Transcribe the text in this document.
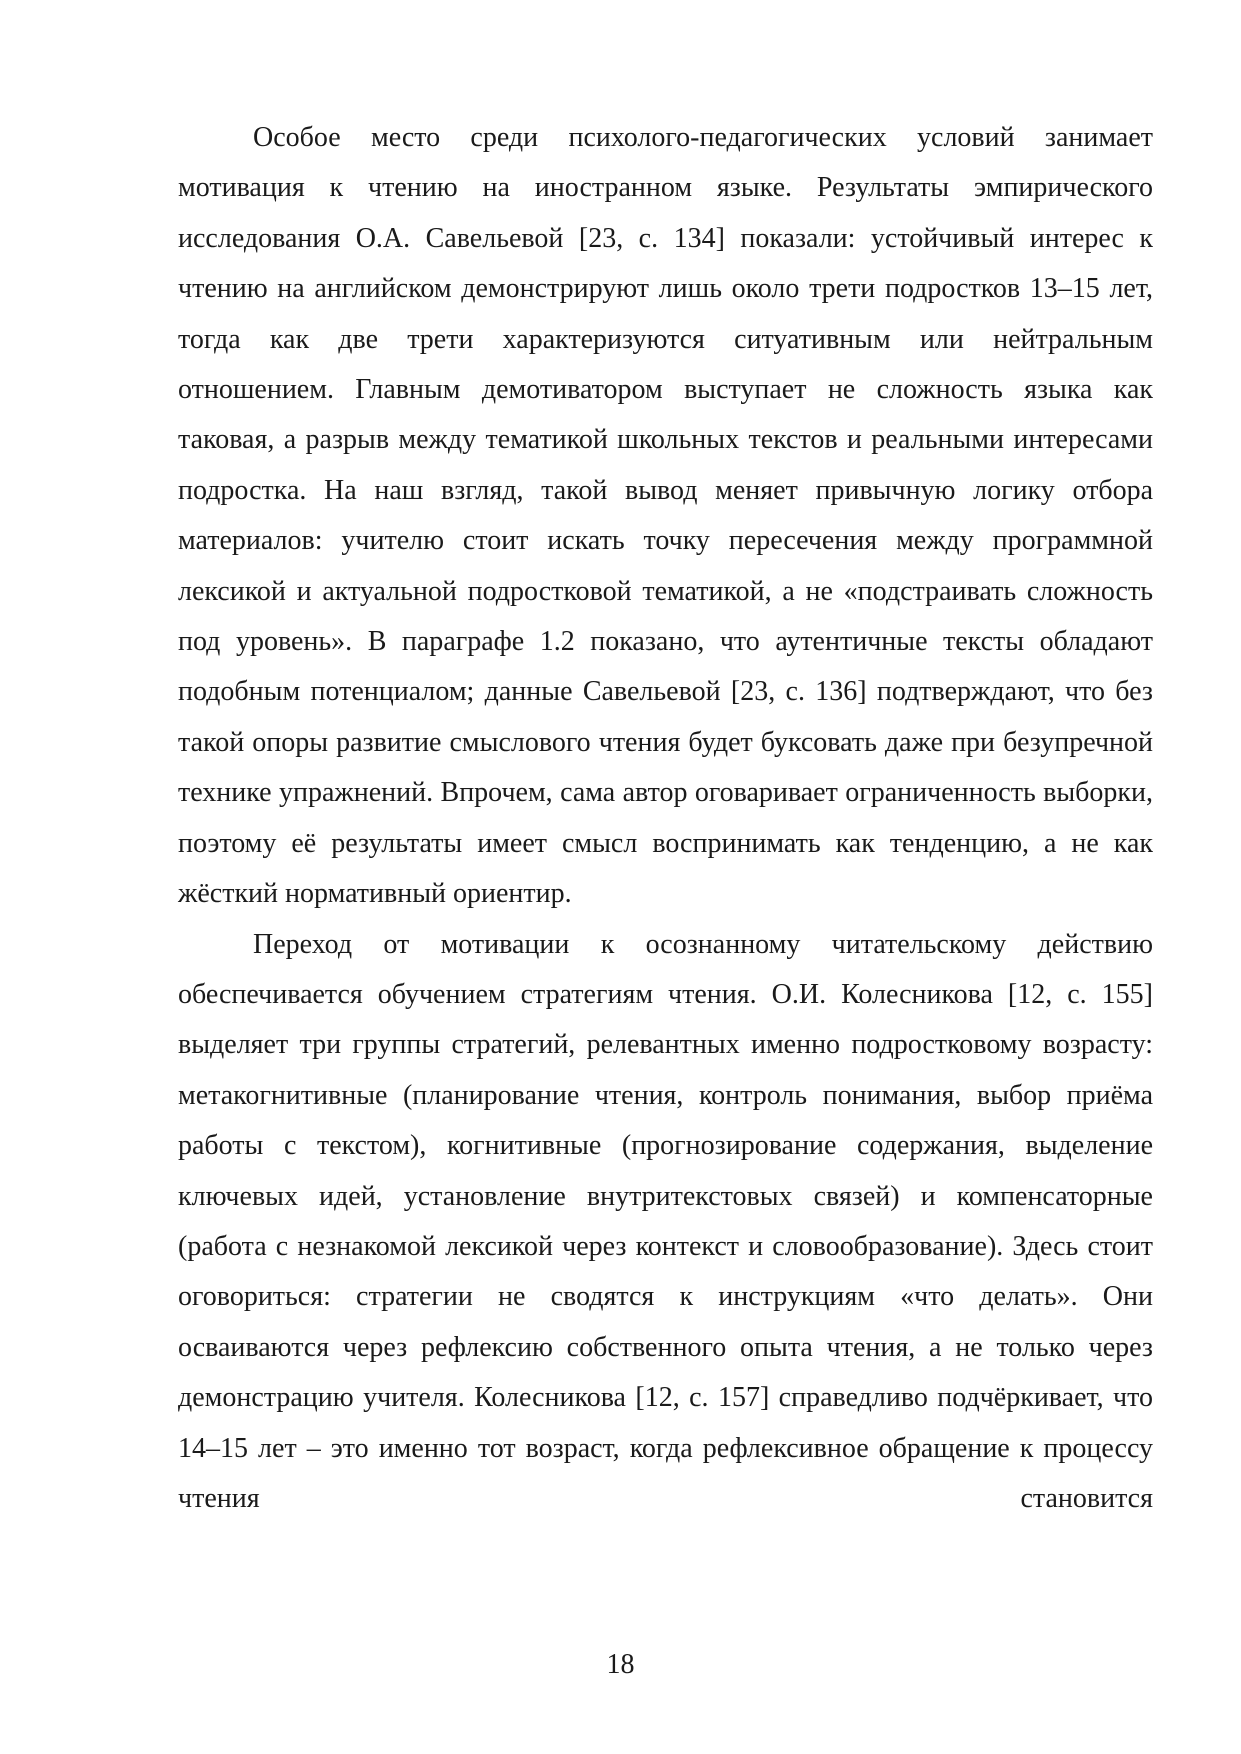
Особое место среди психолого-педагогических условий занимает мотивация к чтению на иностранном языке. Результаты эмпирического исследования О.А. Савельевой [23, с. 134] показали: устойчивый интерес к чтению на английском демонстрируют лишь около трети подростков 13–15 лет, тогда как две трети характеризуются ситуативным или нейтральным отношением. Главным демотиватором выступает не сложность языка как таковая, а разрыв между тематикой школьных текстов и реальными интересами подростка. На наш взгляд, такой вывод меняет привычную логику отбора материалов: учителю стоит искать точку пересечения между программной лексикой и актуальной подростковой тематикой, а не «подстраивать сложность под уровень». В параграфе 1.2 показано, что аутентичные тексты обладают подобным потенциалом; данные Савельевой [23, с. 136] подтверждают, что без такой опоры развитие смыслового чтения будет буксовать даже при безупречной технике упражнений. Впрочем, сама автор оговаривает ограниченность выборки, поэтому её результаты имеет смысл воспринимать как тенденцию, а не как жёсткий нормативный ориентир.

Переход от мотивации к осознанному читательскому действию обеспечивается обучением стратегиям чтения. О.И. Колесникова [12, с. 155] выделяет три группы стратегий, релевантных именно подростковому возрасту: метакогнитивные (планирование чтения, контроль понимания, выбор приёма работы с текстом), когнитивные (прогнозирование содержания, выделение ключевых идей, установление внутритекстовых связей) и компенсаторные (работа с незнакомой лексикой через контекст и словообразование). Здесь стоит оговориться: стратегии не сводятся к инструкциям «что делать». Они осваиваются через рефлексию собственного опыта чтения, а не только через демонстрацию учителя. Колесникова [12, с. 157] справедливо подчёркивает, что 14–15 лет – это именно тот возраст, когда рефлексивное обращение к процессу чтения становится

18
